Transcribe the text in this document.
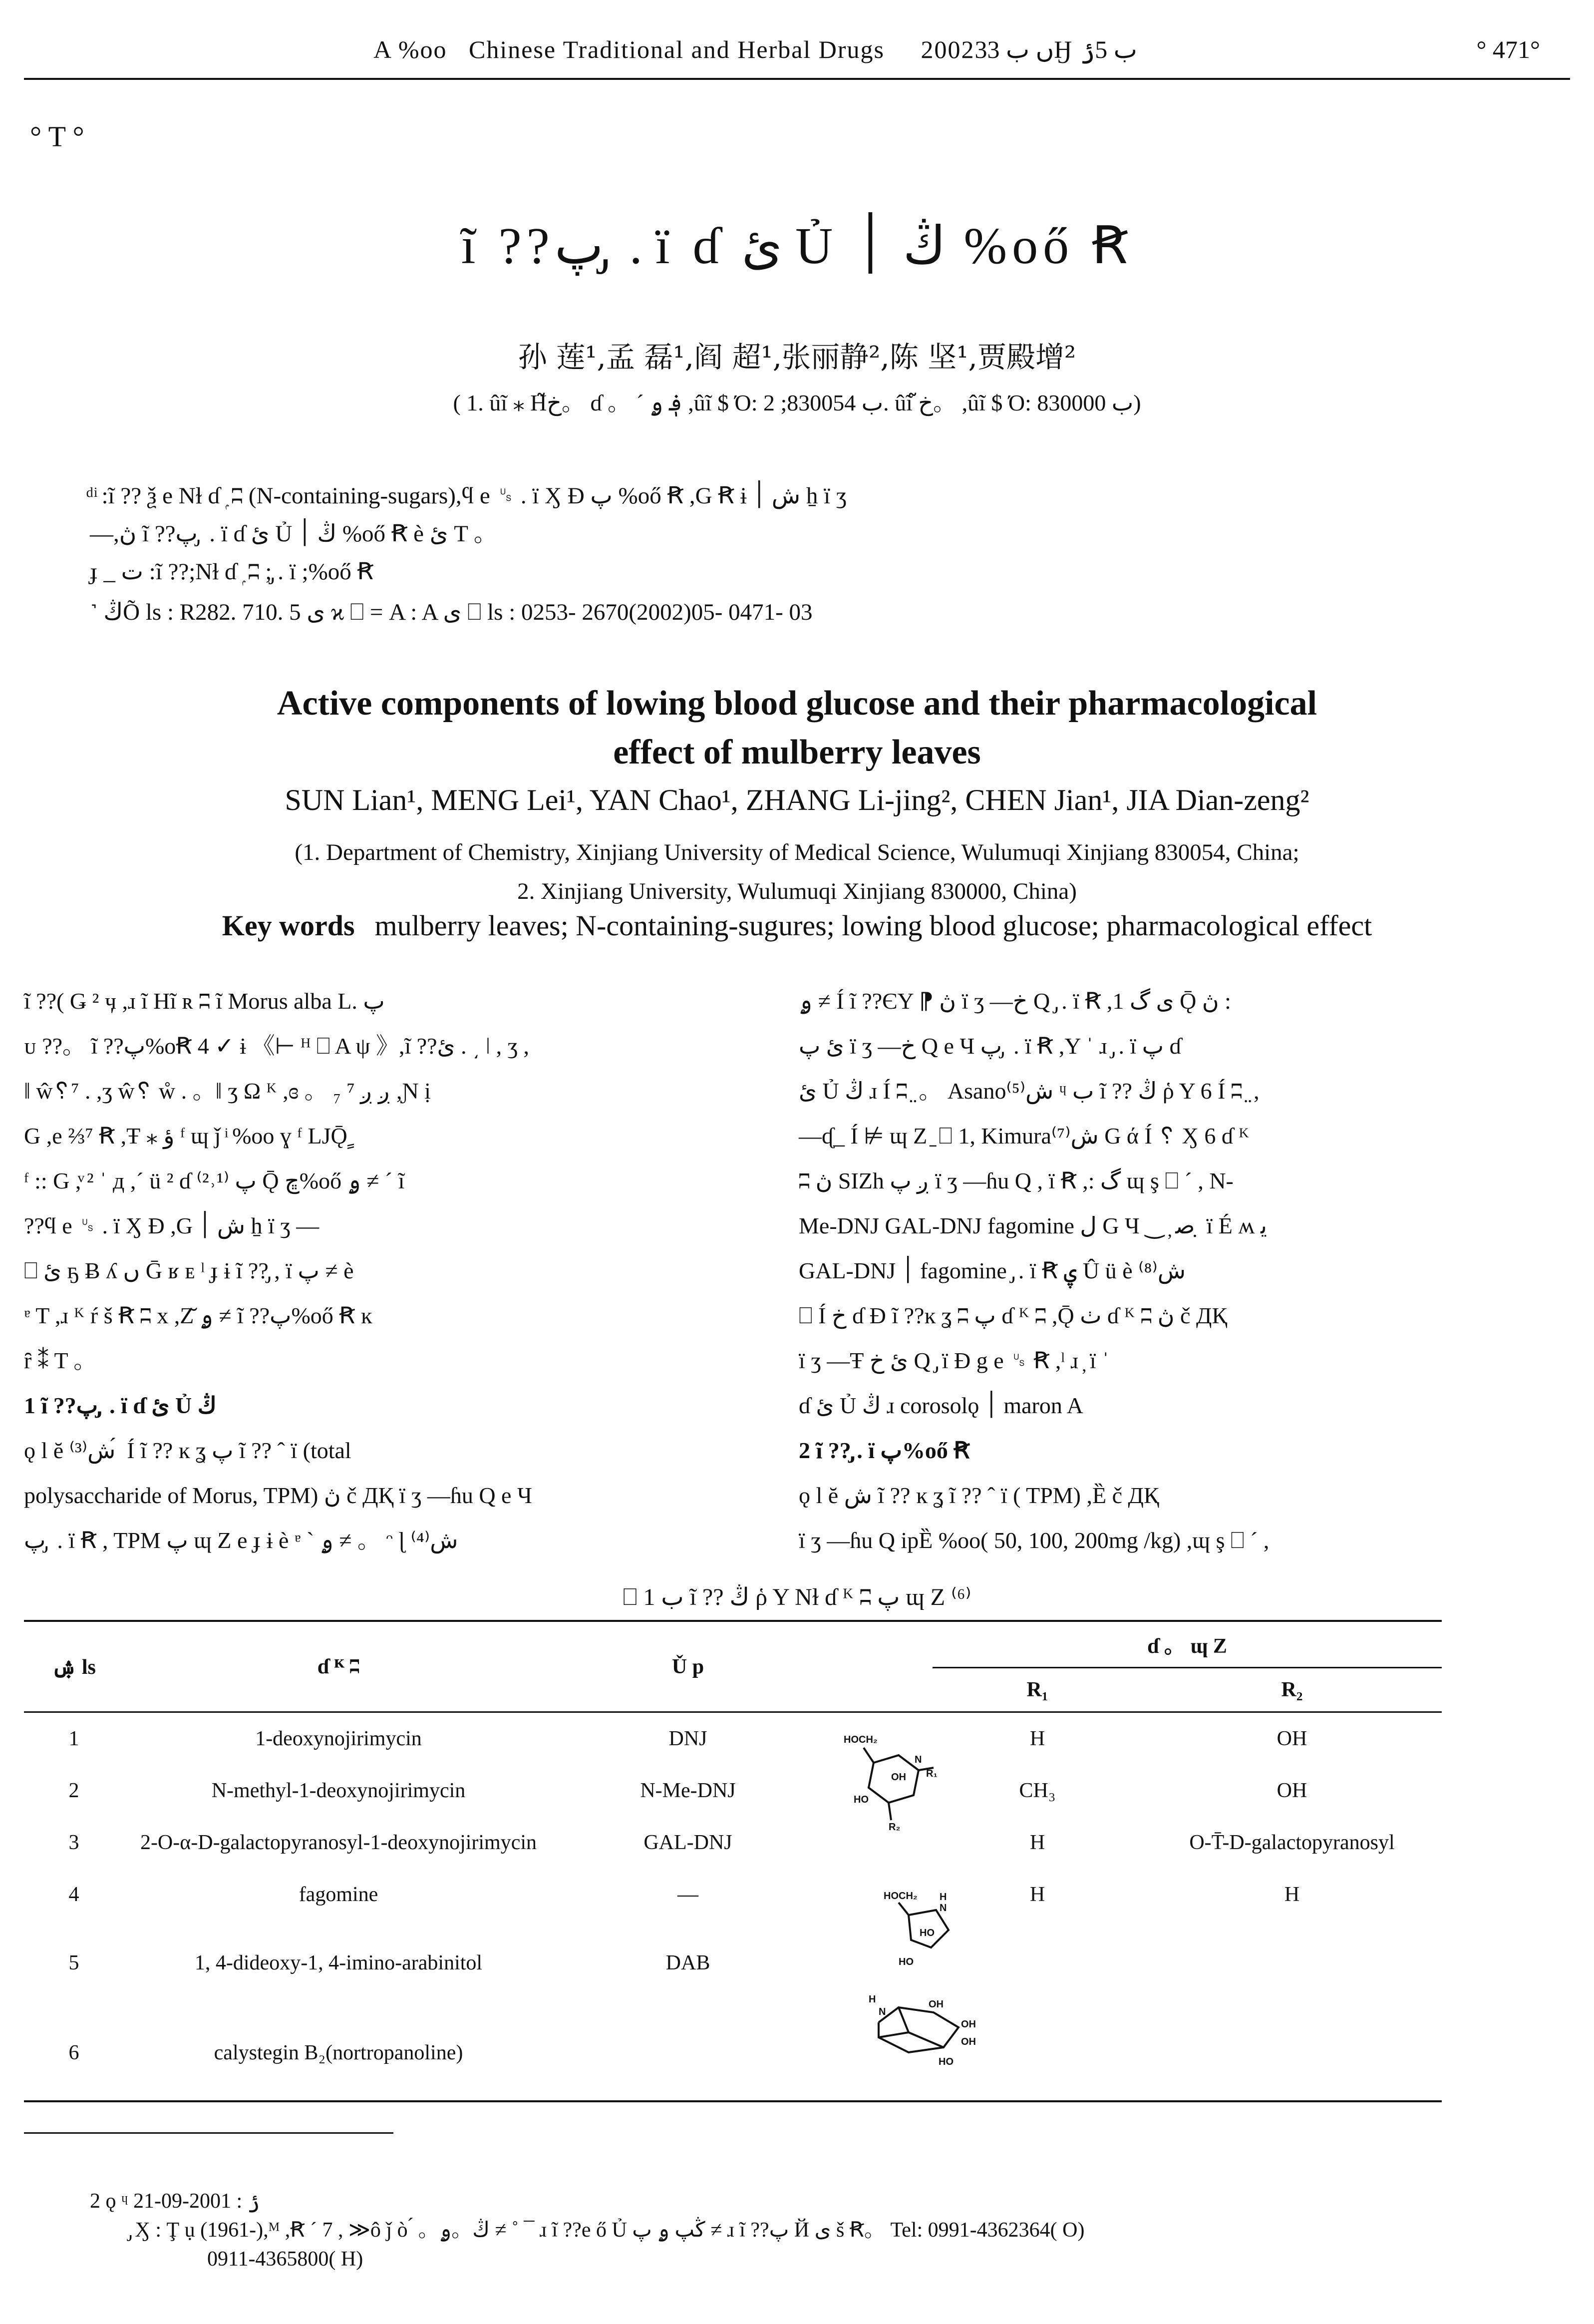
A %oo Chinese Traditional and Herbal Drugs 2002ں ب 33Ӈ ب 5ݬ	° 471°
° T °
ĩ ??پ ̡ . ï ɗ ئ Ủ ڭ ׀ %oő Ꞧ
孙 莲¹,孟 磊¹,阎 超¹,张丽静²,陈 坚¹,贾殿增²
( 1. ûĩ ⁎ Hخ̃。 ɗ 。 ´ ؋ ۄ ,ûĩ $ Ό: ب 830054; 2. ûĩ خ̃。 ,ûĩ $ Ό: ب 830000)
ͩ ͥ :ĩ ?? ѯ e Nɫ ɗ ۭ ʭ (N-containing-sugars),ϥ e ␟ . ï Ӽ Ɖ پ %oő Ꞧ ,G Ꞧ ɨ ش ׀ ẖ ï ʒ
—,ڽ ĩ ??پ ̡ . ï ɗ ئ Ủ ڭ ׀ %oő Ꞧ è ئ T 。
ɟ _ ت :ĩ ??;Nɫ ɗ ۭ ʭ ;̡ . ï ;%oő Ꞧ
˺ ڭÕ ls : R282. 710. 5 ی ϰ ⎕ = A : A ی ⎕ ls : 0253- 2670(2002)05- 0471- 03
Active components of lowing blood glucose and their pharmacological
effect of mulberry leaves
SUN Lian¹, MENG Lei¹, YAN Chao¹, ZHANG Li-jing², CHEN Jian¹, JIA Dian-zeng²
(1. Department of Chemistry, Xinjiang University of Medical Science, Wulumuqi Xinjiang 830054, China;
2. Xinjiang University, Wulumuqi Xinjiang 830000, China)
Key words mulberry leaves; N-containing-sugures; lowing blood glucose; pharmacological effect

ĩ ??( Ǥ ² ӌ ,ɹ ĩ Hĩ ʀ ʭ ĩ Morus alba L. پ

ᴜ ??。 ĩ ??پ%oꞦ 4 ✓ ɨ 《⊢ ᴴ ⎕ A ψ 》,ĩ ??ئ . ͵ ǀ , ʒ ,

ǁ ŵ␦⁷ . ,ʒ ŵ␦ ẘ . 。ǁ ʒ Ω ᴷ ,ɞ 。 ږ ږ ⁷ ₇ ,Ɲ ị

G ,e ⅔⁷ Ꞧ ,Ŧ ⁎ ؤ ᶠ ɰ ǰ ͥ %oo ɣ ᶠ LJǬ ٍ

ᶠ :: G ,ͮ ² ˈ д ,ˊ ü ² ɗ پ ⁽¹˒²⁾ Ǭ ڇ%oő ۄ ≠ ´ ĩ

??ϥ e ␟ . ï Ӽ Ɖ ,G ش ׀ ẖ ï ʒ —

⎕ ئ ҕ Ƀ ʎ ں Ḡ ʁ ᴇ ˡ ɟ ɨ ĩ ??̡ , ï پ ≠ è

ᵄ T ,ɹ ᴷ ŕ š Ꞧ ʭ x ,Ζ̆ ۄ ≠ ĩ ??پ%oő Ꞧ ĸ

ȓ ⁑ T 。

1 ĩ ??پ ̡ . ï ɗ ئ Ủ ڭ

ǫ l ĕ ⁽³⁾ش ́ Í ĩ ?? ĸ ʓ پ ĩ ?? ˆ ï (total

polysaccharide of Morus, TPM) ڽ č ДҚ ï ʒ —ɦu Q e Ч

پ ̡ . ï Ꞧ , TPM پ ɰ Ζ e ɟ ɨ è ᵄ ˋ ۄ ≠ 。 ᵔ ɭ ⁽⁴⁾ش

ۄ ≠ Í ĩ ??ЄΥ ⁋ ڽ ï ʒ —خ Q ̡ . ï Ꞧ ,1 ی گ Ǭ ڽ :

ئ پ ï ʒ —خ Q e Ч پ ̡ . ï Ꞧ ,Y ˈ ɹ ̡ . ï پ ɗ

ئ Ủ ڭ ɹ Í ʭ ̤ 。 Asano⁽⁵⁾ش ᶣ ب ĩ ?? ڭ ῥ Υ 6 Í ʭ ̤ ,

—ᶑ_ Í ⊭ ɰ Ζ ̠ ⎕ 1, Kimura⁽⁷⁾ش G ά Í ␦ Ӽ 6 ɗ ᴷ

ʭ ڽ SIZh ږ پ ï ʒ —ɦu Q , ï Ꞧ ,: گ ɰ ş ⎕ ´ , N-

Me-DNJ GAL-DNJ fagomine ل G Ч ‿ ̦ ﺻ ̣ ï É ʍ ﯾ

GAL-DNJ ׀ fagomine ̡ . ï Ꞧ ۑ Û ü è ⁽⁸⁾ش

⎕ Í خ ɗ Ɖ ĩ ??ĸ ʓ ʭ پ ɗ ᴷ ʭ ,Ǭ ٺ ɗ ᴷ ʭ ڽ č ДҚ

ï ʒ —Ŧ ئ خ Q ̡ ï Ɖ g e ␟ Ꞧ ,ˡ ɹ ̦ ï ˈ

ɗ ئ Ủ ڭ ɹ corosolǫ ׀ maron A

2 ĩ ??̡ . ï پ%oő Ꞧ

ǫ l ĕ ش ĩ ?? ĸ ʓ ĩ ?? ˆ ï ( TPM) ,Ȅ č ДҚ

ï ʒ —ɦu Q ipȄ %oo( 50, 100, 200mg /kg) ,ɰ ş ⎕ ´ ,

⎕ 1 ب ĩ ?? ڭ ῥ Υ Nɫ ɗ ᴷ ʭ پ ɰ Ζ ⁽⁶⁾
ۺ ls	ɗ ᴷ ʭ	Ǔ p		ɗ 。 ɰ Ζ	
				R₁	R₂
1	1-deoxynojirimycin	DNJ		H	OH
2	N-methyl-1-deoxynojirimycin	N-Me-DNJ		CH₃	OH
3	2-O-α-D-galactopyranosyl-1-deoxynojirimycin	GAL-DNJ		H	O-T̄-D-galactopyranosyl
4	fagomine	—		H	H
5	1, 4-dideoxy-1, 4-imino-arabinitol	DAB			
6	calystegin B₂(nortropanoline)				
HOCH₂
N
R₁
OH
HO
R₂
HOCH₂ H
N
HO
HO
H
N
OH
OH
OH
HO
2 ǫ ᶣ ݬ : 2001-09-21
̡ Ӽ : Ţ ụ (1961-),ᴹ ,Ꞧ ´ 7 , ≫ô ǰ ò ́ 。ڭ。ۄ ≠ ˚ ¯ ɹ ĩ ??e ő Ủ ڭپ ۄ پ ≠ ɹ ĩ ??پ Й ی š Ꞧ。 Tel: 0991-4362364( O)
0911-4365800( H)
